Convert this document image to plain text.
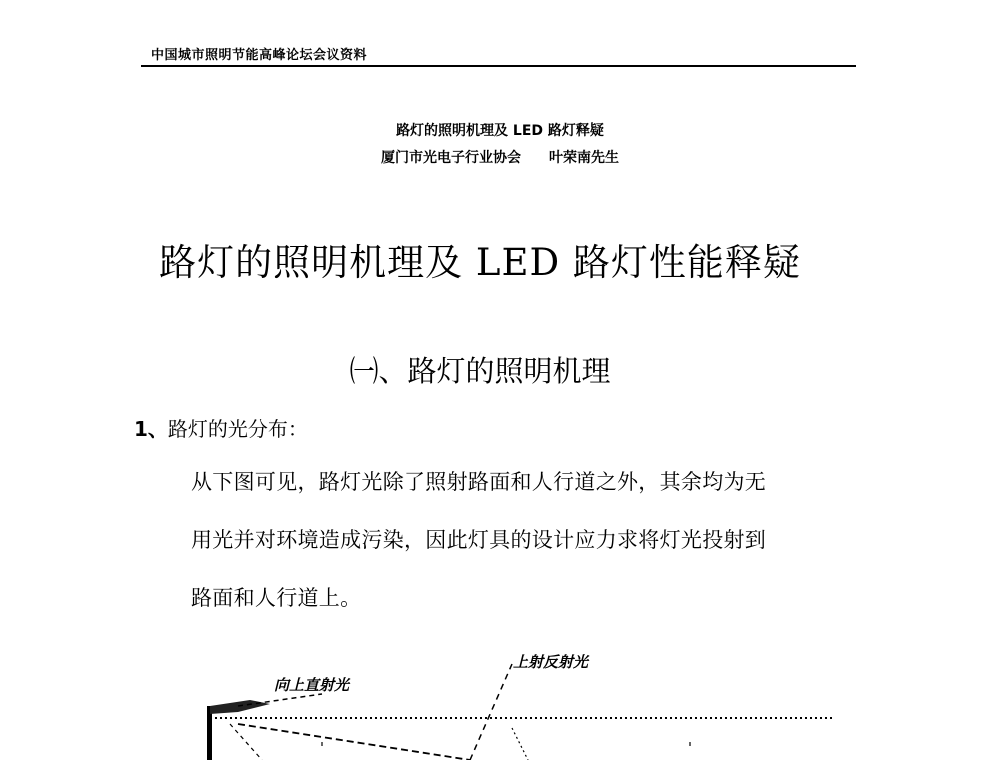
中国城市照明节能高峰论坛会议资料
路灯的照明机理及 LED 路灯释疑
厦门市光电子行业协会 叶荣南先生
路灯的照明机理及 LED 路灯性能释疑
㈠、路灯的照明机理
1、路灯的光分布：
从下图可见，路灯光除了照射路面和人行道之外，其余均为无
用光并对环境造成污染，因此灯具的设计应力求将灯光投射到
路面和人行道上。
向上直射光
上射反射光
